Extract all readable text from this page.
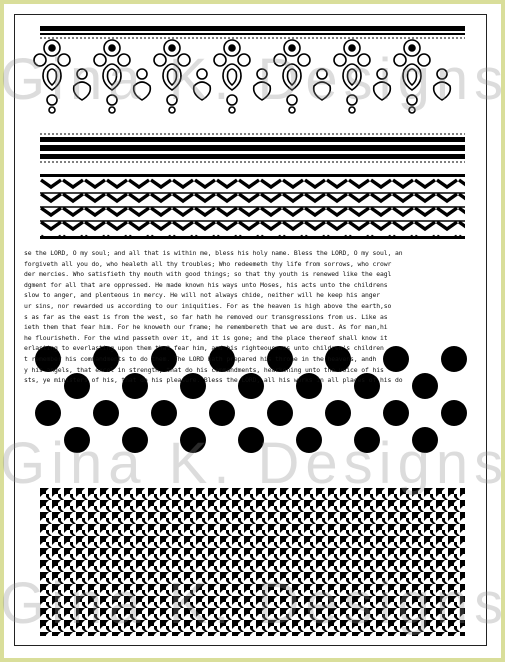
se the LORD, O my soul; and all that is within me, bless his holy name. Bless the LORD, O my soul, an
forgiveth all you do, who healeth all thy troubles; Who redeemeth thy life from sorrows, who crowr
der mercies. Who satisfieth thy mouth with good things; so that thy youth is renewed like the eagl
dgment for all that are oppressed. He made known his ways unto Moses, his acts unto the childrens
slow to anger, and plenteous in mercy. He will not always chide, neither will he keep his anger
ur sins, nor rewarded us according to our iniquities. For as the heaven is high above the earth,so
s as far as the east is from the west, so far hath he removed our transgressions from us. Like as
ieth them that fear him. For he knoweth our frame; he remembereth that we are dust. As for man,hi
he flourisheth. For the wind passeth over it, and it is gone; and the place thereof shall know it
erlasting to everlasting upon them that fear him, and his righteousness unto children's children
t remember his commandments to do them. The LORD hath prepared his throne in the heavens, andh
y his angels, that excel in strength, that do his commandments, hearkening unto the voice of his
sts, ye ministers of his, that do his pleasure. Bless the LORD, all his works in all places of his do
Gina K. Designs
Gina K. Designs
Gina K. Designs
